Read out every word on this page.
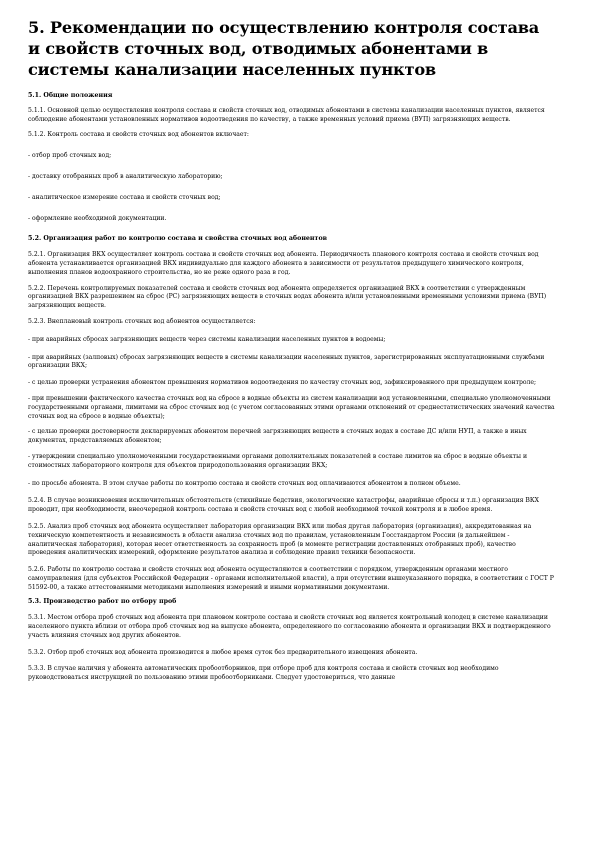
5. Рекомендации по осуществлению контроля состава и свойств сточных вод, отводимых абонентами в системы канализации населенных пунктов

5.1. Общие положения

5.1.1. Основной целью осуществления контроля состава и свойств сточных вод, отводимых абонентами в системы канализации населенных пунктов, является соблюдение абонентами установленных нормативов водоотведения по качеству, а также временных условий приема (ВУП) загрязняющих веществ.

5.1.2. Контроль состава и свойств сточных вод абонентов включает:

- отбор проб сточных вод;

- доставку отобранных проб в аналитическую лабораторию;

- аналитическое измерение состава и свойств сточных вод;

- оформление необходимой документации.

5.2. Организация работ по контролю состава и свойства сточных вод абонентов

5.2.1. Организация ВКХ осуществляет контроль состава и свойств сточных вод абонента. Периодичность планового контроля состава и свойств сточных вод абонента устанавливается организацией ВКХ индивидуально для каждого абонента в зависимости от результатов предыдущего химического контроля, выполнения планов водоохранного строительства, но не реже одного раза в год.

5.2.2. Перечень контролируемых показателей состава и свойств сточных вод абонента определяется организацией ВКХ в соответствии с утвержденным организацией ВКХ разрешением на сброс (РС) загрязняющих веществ в сточных водах абонента и/или установленными временными условиями приема (ВУП) загрязняющих веществ.

5.2.3. Внеплановый контроль сточных вод абонентов осуществляется:

- при аварийных сбросах загрязняющих веществ через системы канализации населенных пунктов в водоемы;

- при аварийных (залповых) сбросах загрязняющих веществ в системы канализации населенных пунктов, зарегистрированных эксплуатационными службами организации ВКХ;

- с целью проверки устранения абонентом превышения нормативов водоотведения по качеству сточных вод, зафиксированного при предыдущем контроле;

- при превышении фактического качества сточных вод на сбросе в водные объекты из систем канализации вод установленными, специально уполномоченными государственными органами, лимитами на сброс сточных вод (с учетом согласованных этими органами отклонений от среднестатистических значений качества сточных вод на сбросе в водные объекты);

- с целью проверки достоверности декларируемых абонентом перечней загрязняющих веществ в сточных водах в составе ДС и/или НУП, а также в иных документах, представляемых абонентом;

- утверждении специально уполномоченными государственными органами дополнительных показателей в составе лимитов на сброс в водные объекты и стоимостных лабораторного контроля для объектов природопользования организации ВКХ;

- по просьбе абонента. В этом случае работы по контролю состава и свойств сточных вод оплачиваются абонентом в полном объеме.

5.2.4. В случае возникновения исключительных обстоятельств (стихийные бедствия, экологические катастрофы, аварийные сбросы и т.п.) организация ВКХ проводит, при необходимости, внеочередной контроль состава и свойств сточных вод с любой необходимой точкой контроля и в любое время.

5.2.5. Анализ проб сточных вод абонента осуществляет лаборатория организации ВКХ или любая другая лаборатория (организация), аккредитованная на техническую компетентность и независимость в области анализа сточных вод по правилам, установленным Госстандартом России (в дальнейшем - аналитическая лаборатория), которая несет ответственность за сохранность проб (в моменте регистрации доставленных отобранных проб), качество проведения аналитических измерений, оформление результатов анализа и соблюдение правил техники безопасности.

5.2.6. Работы по контролю состава и свойств сточных вод абонента осуществляются в соответствии с порядком, утвержденным органами местного самоуправления (для субъектов Российской Федерации - органами исполнительной власти), а при отсутствии вышеуказанного порядка, в соответствии с ГОСТ Р 51592-00, а также аттестованными методиками выполнения измерений и иными нормативными документами.

5.3. Производство работ по отбору проб

5.3.1. Местом отбора проб сточных вод абонента при плановом контроле состава и свойств сточных вод является контрольный колодец в системе канализации населенного пункта вблизи от отбора проб сточных вод на выпуске абонента, определенного по согласованию абонента и организации ВКХ и подтвержденного участь влияния сточных вод других абонентов.

5.3.2. Отбор проб сточных вод абонента производится в любое время суток без предварительного извещения абонента.

5.3.3. В случае наличия у абонента автоматических пробоотборников, при отборе проб для контроля состава и свойств сточных вод необходимо руководствоваться инструкцией по пользованию этими пробоотборниками. Следует удостовериться, что данные
